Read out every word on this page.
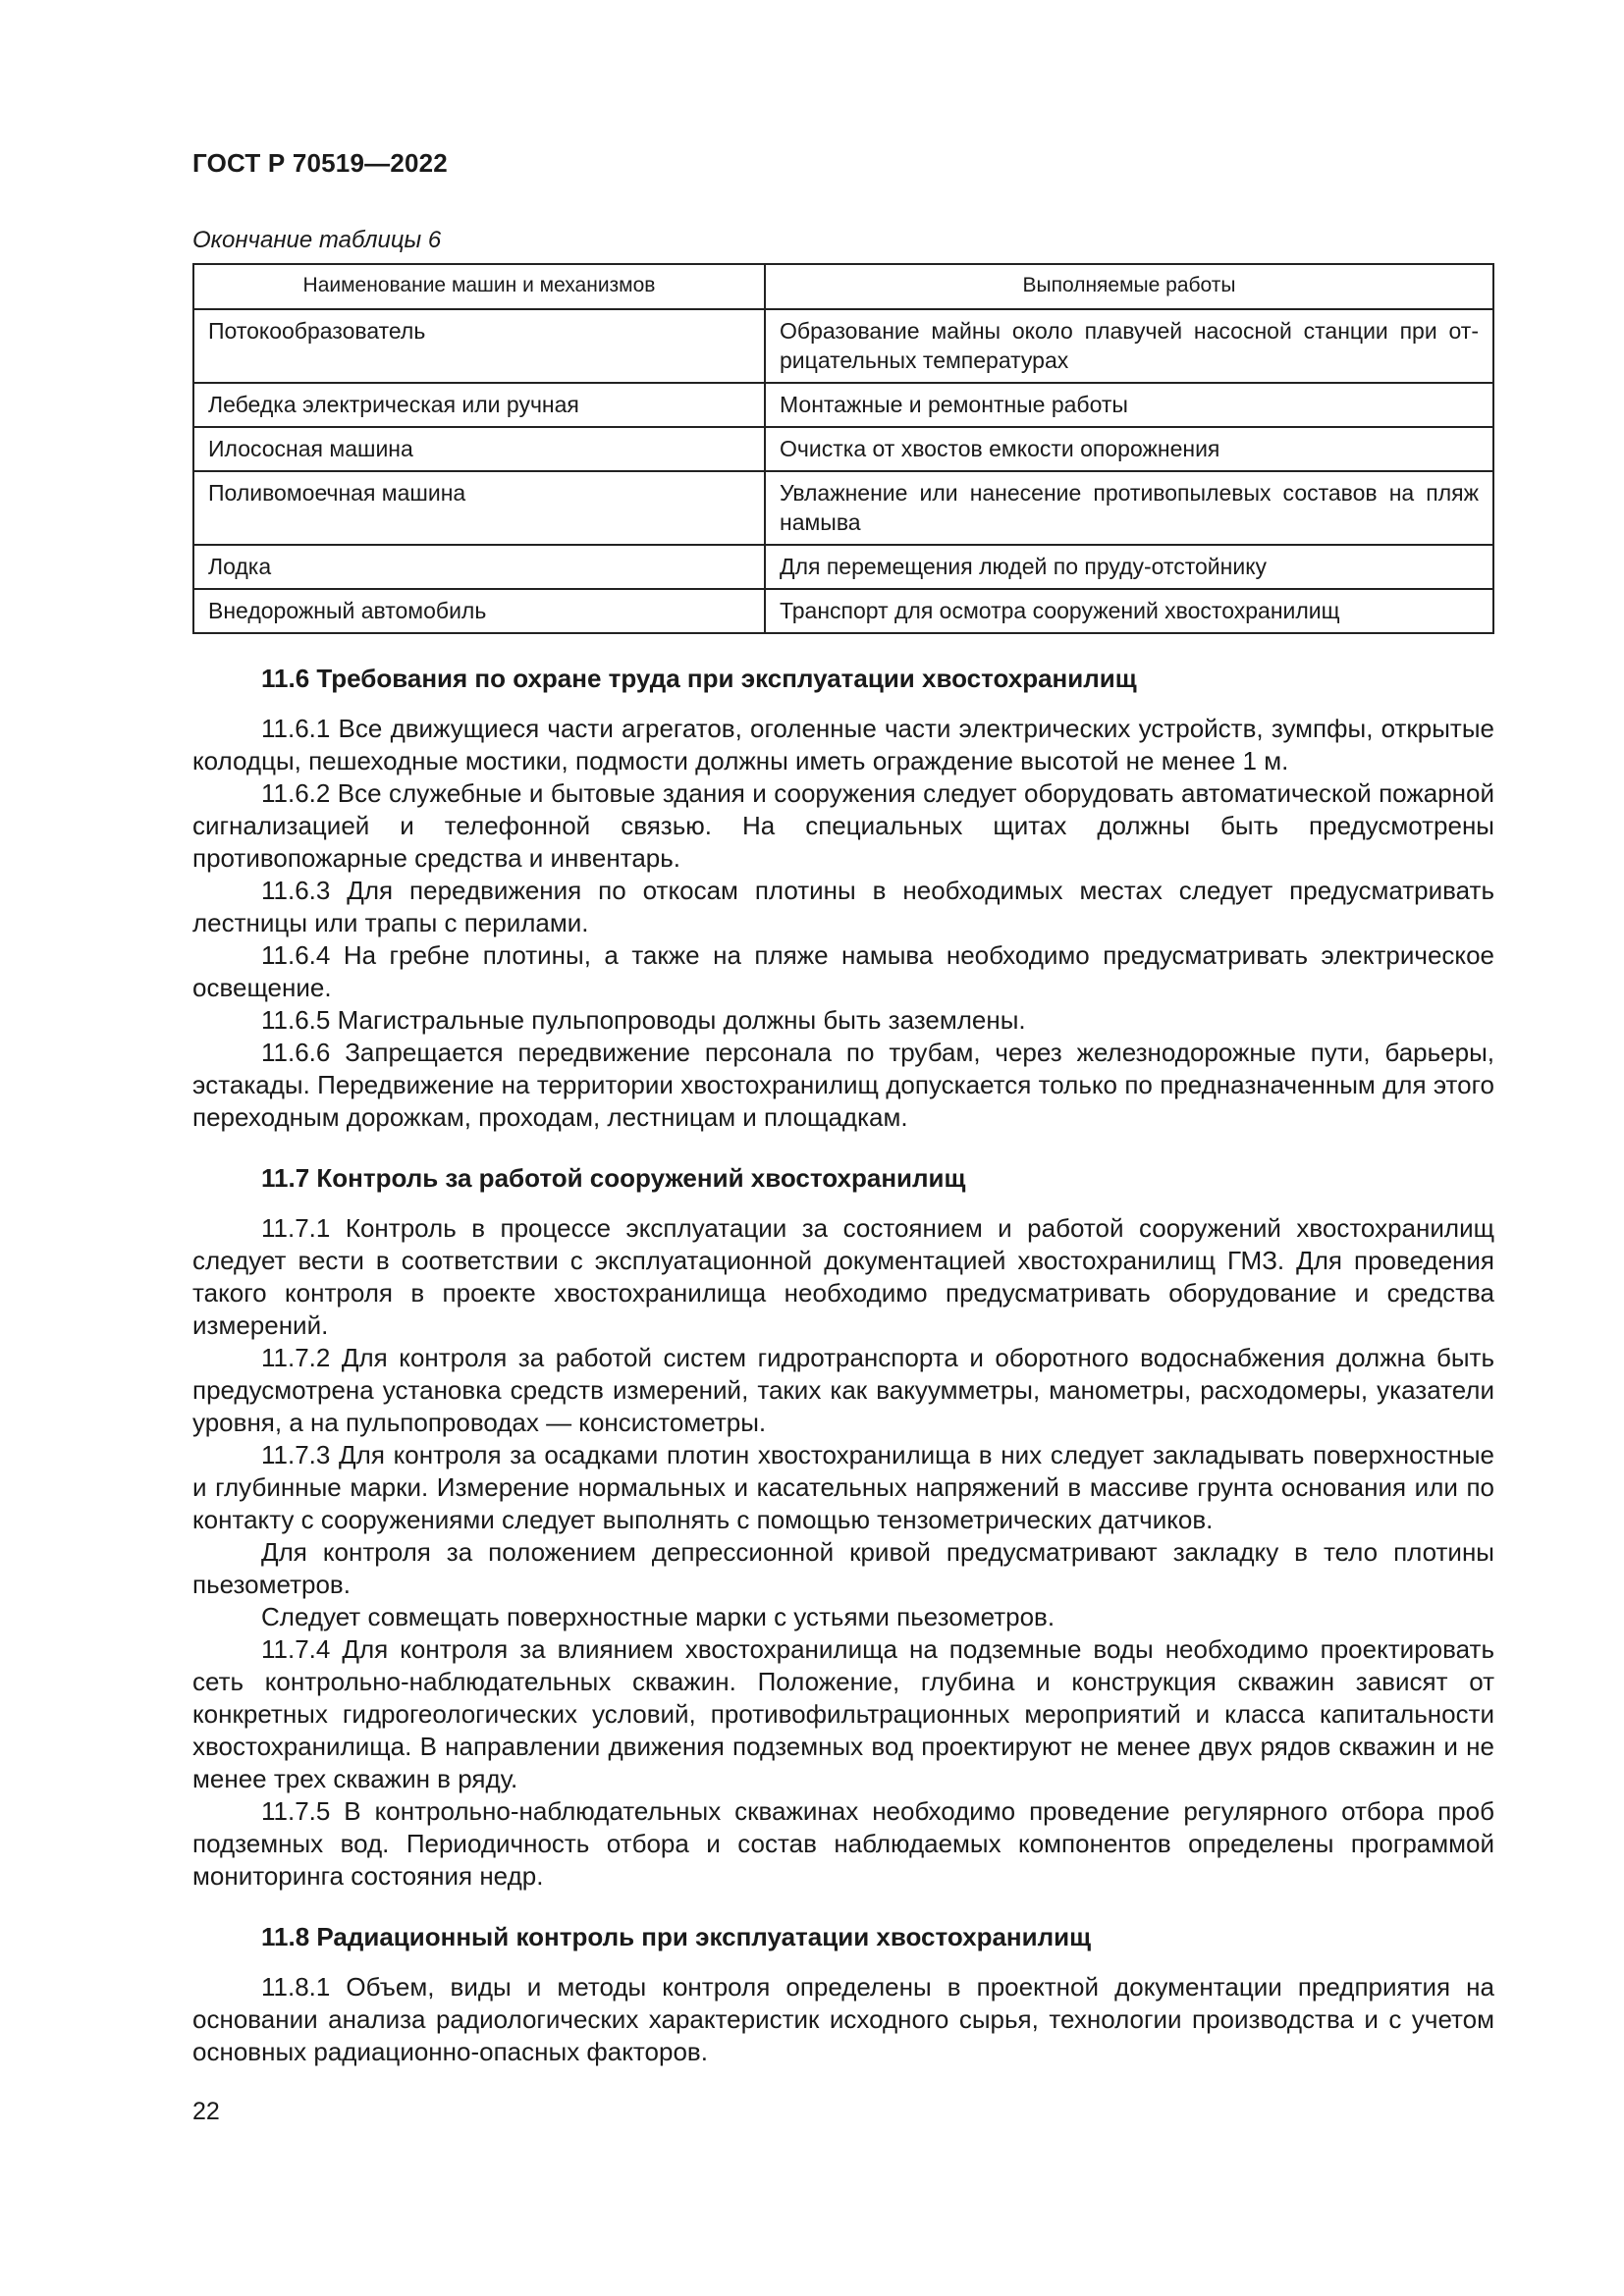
ГОСТ Р 70519—2022
Окончание таблицы 6
Наименование машин и механизмов	Выполняемые работы
Потокообразователь	Образование майны около плавучей насосной станции при от-рицательных температурах
Лебедка электрическая или ручная	Монтажные и ремонтные работы
Илососная машина	Очистка от хвостов емкости опорожнения
Поливомоечная машина	Увлажнение или нанесение противопылевых составов на пляж намыва
Лодка	Для перемещения людей по пруду-отстойнику
Внедорожный автомобиль	Транспорт для осмотра сооружений хвостохранилищ
11.6 Требования по охране труда при эксплуатации хвостохранилищ

11.6.1 Все движущиеся части агрегатов, оголенные части электрических устройств, зумпфы, открытые колодцы, пешеходные мостики, подмости должны иметь ограждение высотой не менее 1 м.

11.6.2 Все служебные и бытовые здания и сооружения следует оборудовать автоматической пожарной сигнализацией и телефонной связью. На специальных щитах должны быть предусмотрены противопожарные средства и инвентарь.

11.6.3 Для передвижения по откосам плотины в необходимых местах следует предусматривать лестницы или трапы с перилами.

11.6.4 На гребне плотины, а также на пляже намыва необходимо предусматривать электрическое освещение.

11.6.5 Магистральные пульпопроводы должны быть заземлены.

11.6.6 Запрещается передвижение персонала по трубам, через железнодорожные пути, барьеры, эстакады. Передвижение на территории хвостохранилищ допускается только по предназначенным для этого переходным дорожкам, проходам, лестницам и площадкам.

11.7 Контроль за работой сооружений хвостохранилищ

11.7.1 Контроль в процессе эксплуатации за состоянием и работой сооружений хвостохранилищ следует вести в соответствии с эксплуатационной документацией хвостохранилищ ГМЗ. Для проведения такого контроля в проекте хвостохранилища необходимо предусматривать оборудование и средства измерений.

11.7.2 Для контроля за работой систем гидротранспорта и оборотного водоснабжения должна быть предусмотрена установка средств измерений, таких как вакуумметры, манометры, расходомеры, указатели уровня, а на пульпопроводах — консистометры.

11.7.3 Для контроля за осадками плотин хвостохранилища в них следует закладывать поверхностные и глубинные марки. Измерение нормальных и касательных напряжений в массиве грунта основания или по контакту с сооружениями следует выполнять с помощью тензометрических датчиков.

Для контроля за положением депрессионной кривой предусматривают закладку в тело плотины пьезометров.

Следует совмещать поверхностные марки с устьями пьезометров.

11.7.4 Для контроля за влиянием хвостохранилища на подземные воды необходимо проектировать сеть контрольно-наблюдательных скважин. Положение, глубина и конструкция скважин зависят от конкретных гидрогеологических условий, противофильтрационных мероприятий и класса капитальности хвостохранилища. В направлении движения подземных вод проектируют не менее двух рядов скважин и не менее трех скважин в ряду.

11.7.5 В контрольно-наблюдательных скважинах необходимо проведение регулярного отбора проб подземных вод. Периодичность отбора и состав наблюдаемых компонентов определены программой мониторинга состояния недр.

11.8 Радиационный контроль при эксплуатации хвостохранилищ

11.8.1 Объем, виды и методы контроля определены в проектной документации предприятия на основании анализа радиологических характеристик исходного сырья, технологии производства и с учетом основных радиационно-опасных факторов.

22
